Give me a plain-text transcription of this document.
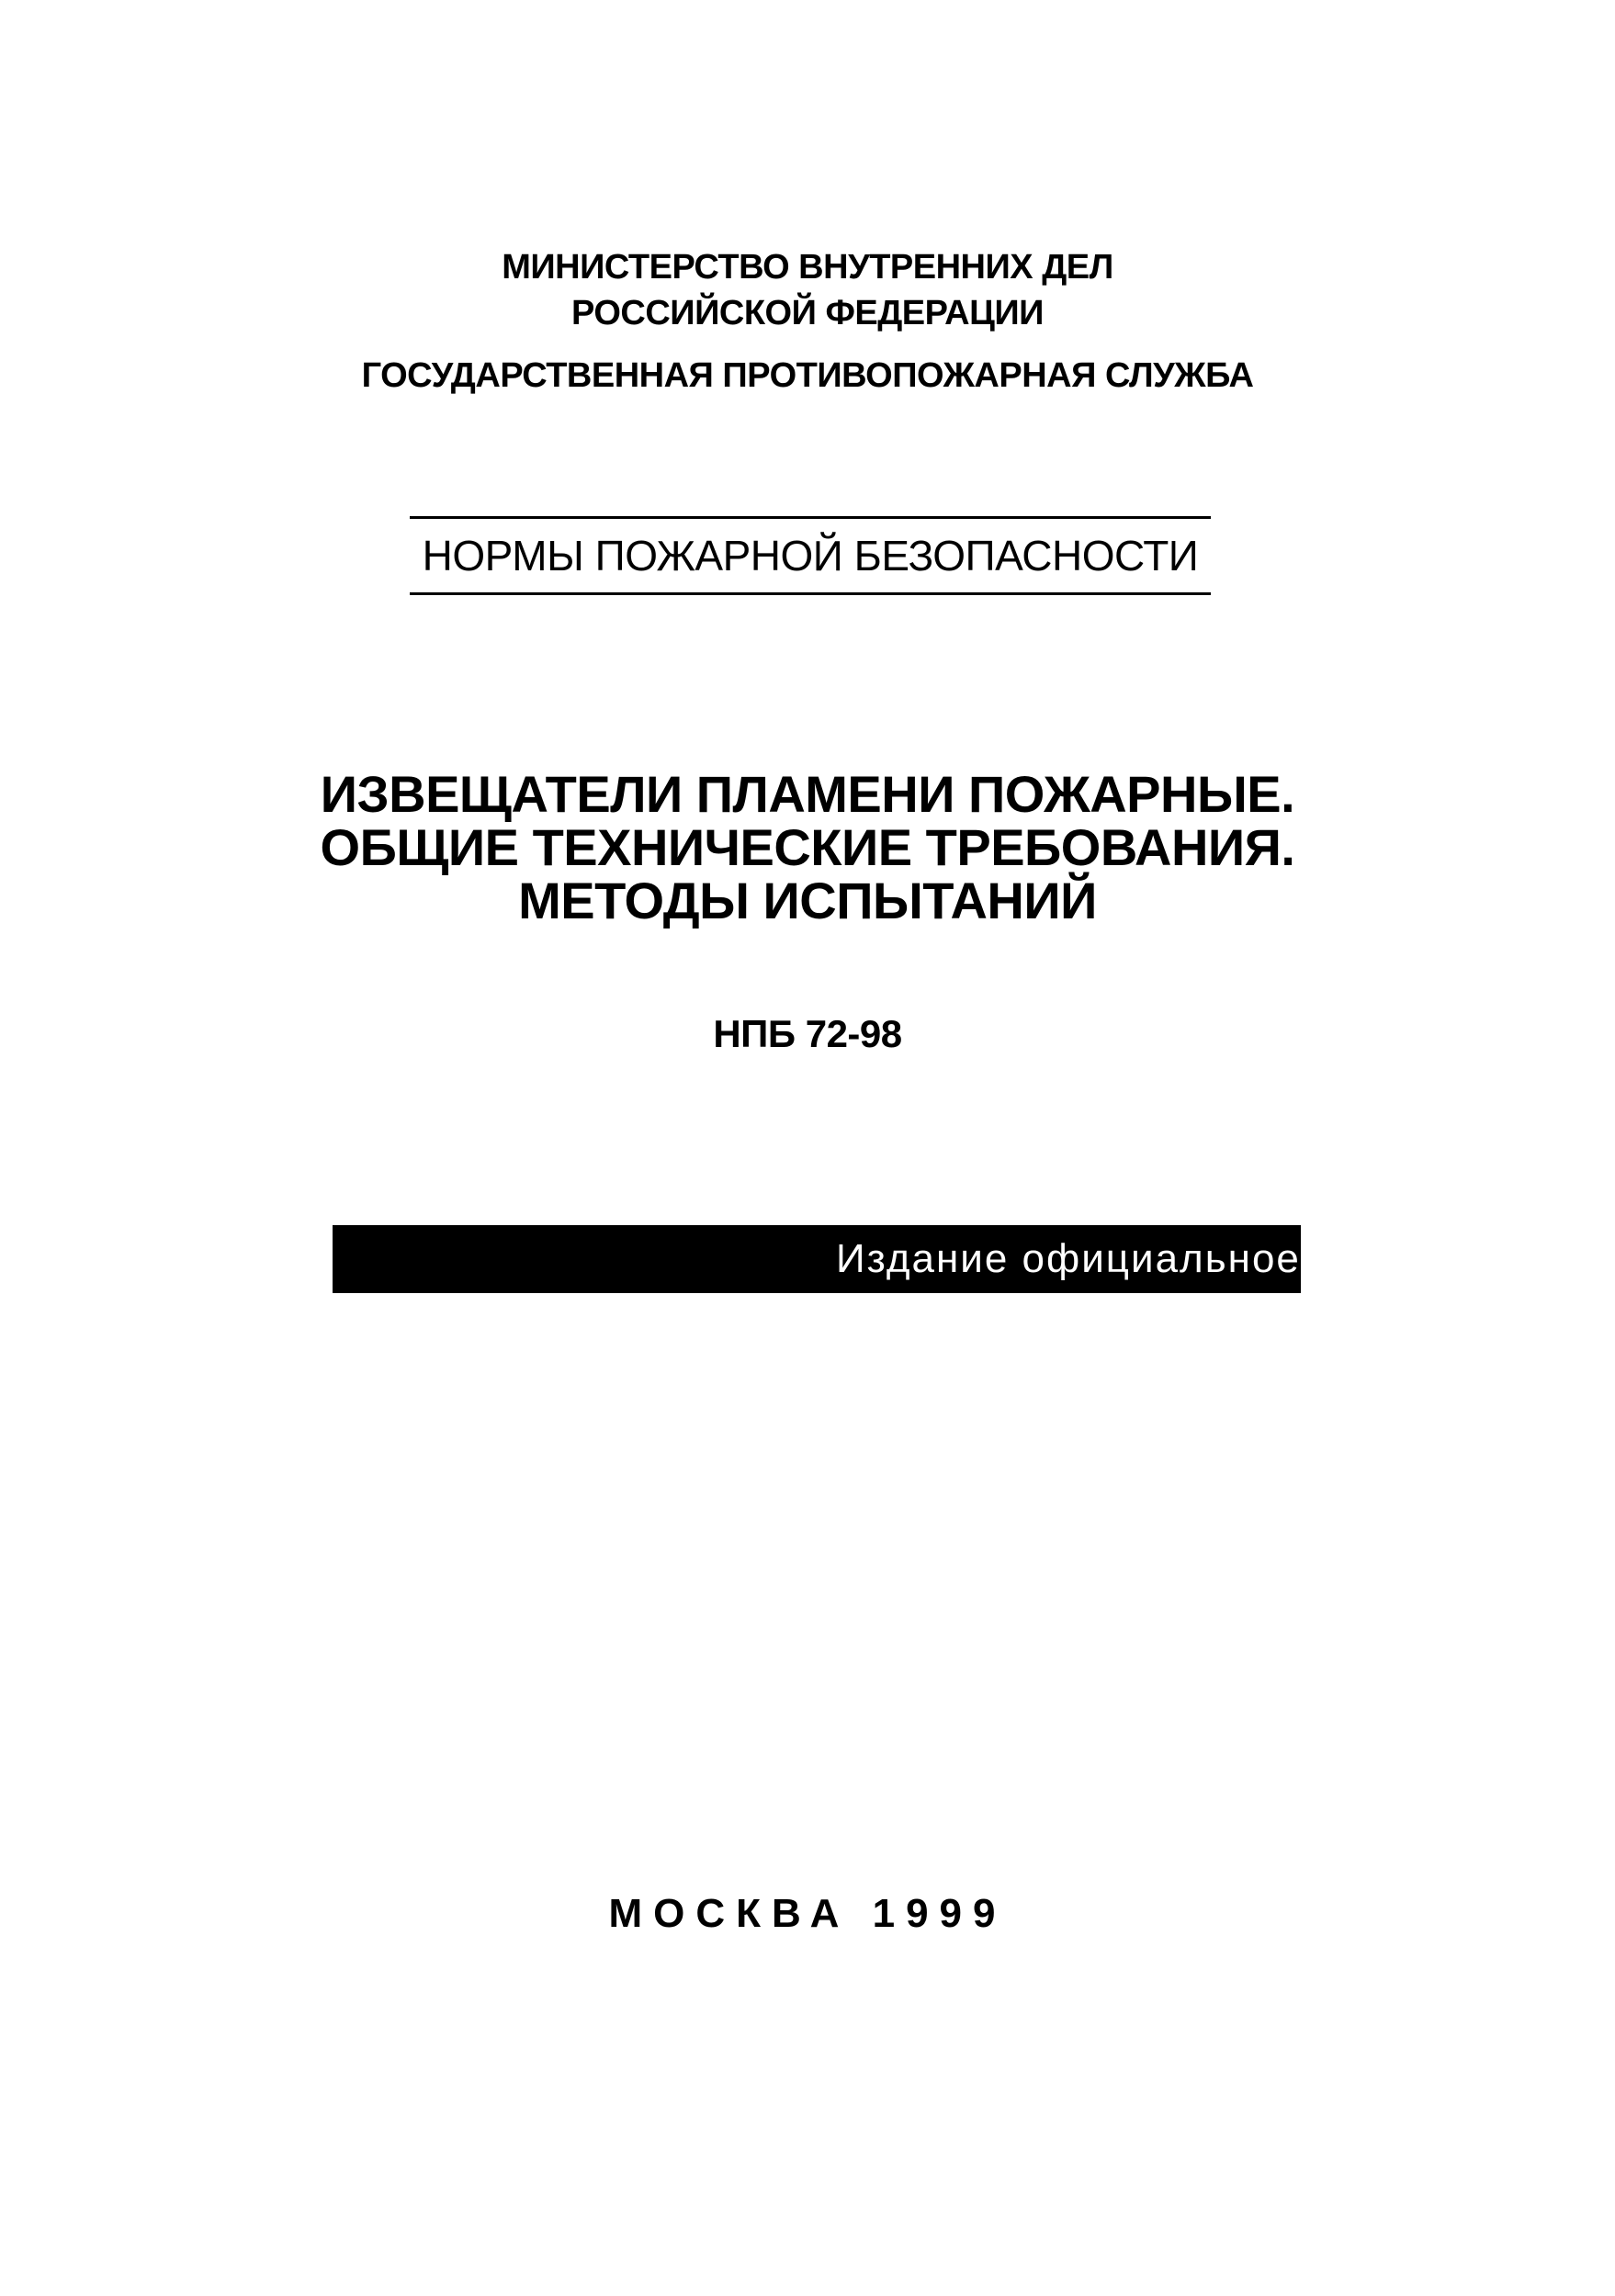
МИНИСТЕРСТВО ВНУТРЕННИХ ДЕЛ
РОССИЙСКОЙ ФЕДЕРАЦИИ
ГОСУДАРСТВЕННАЯ ПРОТИВОПОЖАРНАЯ СЛУЖБА
НОРМЫ ПОЖАРНОЙ БЕЗОПАСНОСТИ
ИЗВЕЩАТЕЛИ ПЛАМЕНИ ПОЖАРНЫЕ.
ОБЩИЕ ТЕХНИЧЕСКИЕ ТРЕБОВАНИЯ.
МЕТОДЫ ИСПЫТАНИЙ
НПБ 72-98
Издание официальное
МОСКВА 1999
